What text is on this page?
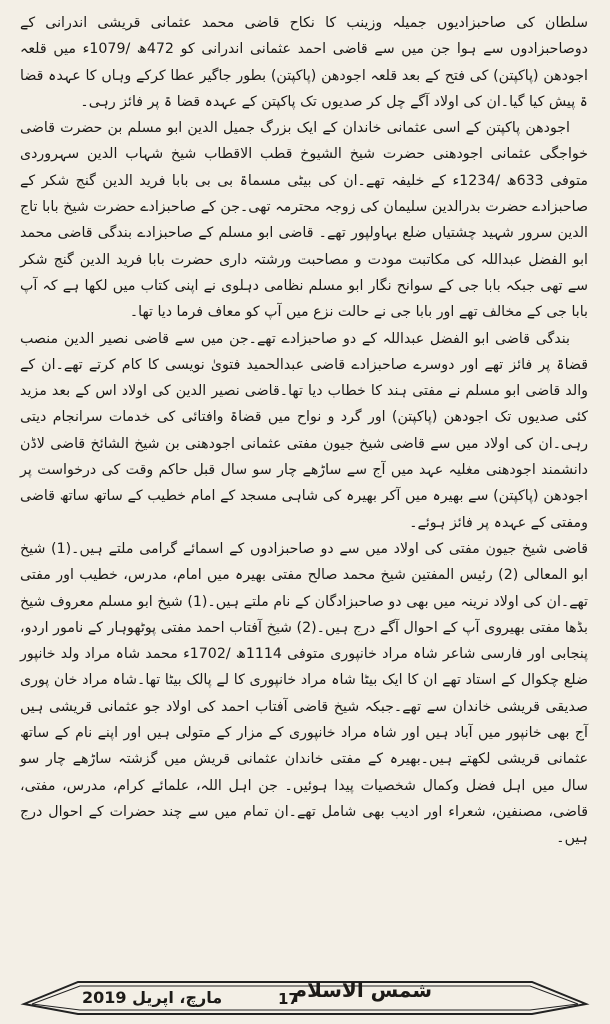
سلطان کی صاحبزادیوں جمیلہ وزینب کا نکاح قاضی محمد عثمانی قریشی اندرانی کے دوصاحبزادوں سے ہوا جن میں سے قاضی احمد عثمانی اندرانی کو 472ھ /1079ء میں قلعہ اجودھن (پاکپتن) کی فتح کے بعد قلعہ اجودھن (پاکپتن) بطور جاگیر عطا کرکے وہاں کا عہدہ قضا ۃ پیش کیا گیا۔ان کی اولاد آگے چل کر صدیوں تک پاکپتن کے عہدہ قضا ۃ پر فائز رہی۔

اجودھن پاکپتن کے اسی عثمانی خاندان کے ایک بزرگ جمیل الدین ابو مسلم بن حضرت قاضی خواجگی عثمانی اجودھنی حضرت شیخ الشیوخ قطب الاقطاب شیخ شہاب الدین سہروردی متوفی 633ھ /1234ء کے خلیفہ تھے۔ان کی بیٹی مسماۃ بی بی بابا فرید الدین گنج شکر کے صاحبزادے حضرت بدرالدین سلیمان کی زوجہ محترمہ تھی۔جن کے صاحبزادے حضرت شیخ بابا تاج الدین سرور شہید چشتیاں ضلع بہاولپور تھے۔ قاضی ابو مسلم کے صاحبزادے بندگی قاضی محمد ابو الفضل عبداللہ کی مکاتبت مودت و مصاحبت ورشتہ داری حضرت بابا فرید الدین گنج شکر سے تھی جبکہ بابا جی کے سوانح نگار ابو مسلم نظامی دہلوی نے اپنی کتاب میں لکھا ہے کہ آپ بابا جی کے مخالف تھے اور بابا جی نے حالت نزع میں آپ کو معاف فرما دیا تھا۔

بندگی قاضی ابو الفضل عبداللہ کے دو صاحبزادے تھے۔جن میں سے قاضی نصیر الدین منصب قضاۃ پر فائز تھے اور دوسرے صاحبزادے قاضی عبدالحمید فتویٰ نویسی کا کام کرتے تھے۔ان کے والد قاضی ابو مسلم نے مفتی ہند کا خطاب دیا تھا۔قاضی نصیر الدین کی اولاد اس کے بعد مزید کئی صدیوں تک اجودھن (پاکپتن) اور گرد و نواح میں قضاۃ وافتائی کی خدمات سرانجام دیتی رہی۔ان کی اولاد میں سے قاضی شیخ جیون مفتی عثمانی اجودھنی بن شیخ الشائخ قاضی لاڈن دانشمند اجودھنی مغلیہ عہد میں آج سے ساڑھے چار سو سال قبل حاکم وقت کی درخواست پر اجودھن (پاکپتن) سے بھیرہ میں آکر بھیرہ کی شاہی مسجد کے امام خطیب کے ساتھ ساتھ قاضی ومفتی کے عہدہ پر فائز ہوئے۔

قاضی شیخ جیون مفتی کی اولاد میں سے دو صاحبزادوں کے اسمائے گرامی ملتے ہیں۔(1) شیخ ابو المعالی (2) رئیس المفتین شیخ محمد صالح مفتی بھیرہ میں امام، مدرس، خطیب اور مفتی تھے۔ان کی اولاد نرینہ میں بھی دو صاحبزادگان کے نام ملتے ہیں۔(1) شیخ ابو مسلم معروف شیخ بڈھا مفتی بھیروی آپ کے احوال آگے درج ہیں۔(2) شیخ آفتاب احمد مفتی پوٹھوہار کے نامور اردو، پنجابی اور فارسی شاعر شاہ مراد خانپوری متوفی 1114ھ /1702ء محمد شاہ مراد ولد خانپور ضلع چکوال کے استاد تھے ان کا ایک بیٹا شاہ مراد خانپوری کا لے پالک بیٹا تھا۔شاہ مراد خان پوری صدیقی قریشی خاندان سے تھے۔جبکہ شیخ قاضی آفتاب احمد کی اولاد جو عثمانی قریشی ہیں آج بھی خانپور میں آباد ہیں اور شاہ مراد خانپوری کے مزار کے متولی ہیں اور اپنے نام کے ساتھ عثمانی قریشی لکھتے ہیں۔بھیرہ کے مفتی خاندان عثمانی قریش میں گزشتہ ساڑھے چار سو سال میں اہل فضل وکمال شخصیات پیدا ہوئیں۔ جن اہل اللہ، علمائے کرام، مدرس، مفتی، قاضی، مصنفین، شعراء اور ادیب بھی شامل تھے۔ان تمام میں سے چند حضرات کے احوال درج ہیں۔

مارچ، اپریل 2019	17
شمس الاسلام
